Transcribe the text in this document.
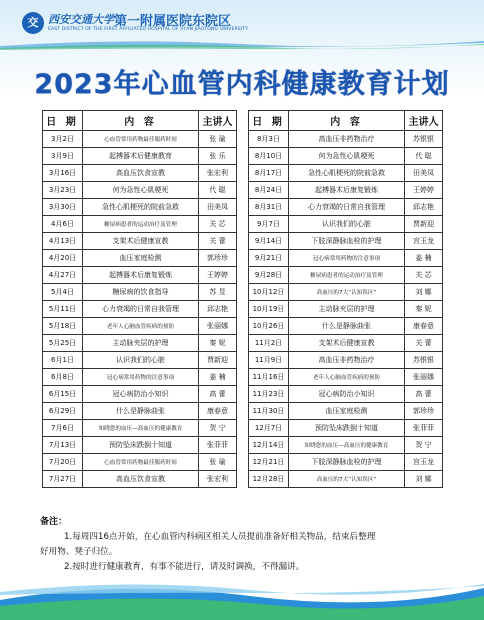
交 西安交通大学 第一附属医院东院区
EAST DISTRICT OF THE FIRST AFFILIATED HOSPITAL OF XI'AN JIAOTONG UNIVERSITY
2023年心血管内科健康教育计划
日 期	内 容	主讲人
3月2日	心血管常用药物最佳服药时间	张 瑜
3月9日	起搏器术后健康教育	张 乐
3月16日	高血压饮食宣教	张宏利
3月23日	何为急性心肌梗死	代 聪
3月30日	急性心肌梗死的院前急救	田美凤
4月6日	糖尿病患者的运动治疗及管理	关 芯
4月13日	支架术后健康宣教	关 蕾
4月20日	血压家庭检测	郭珍珍
4月27日	起搏器术后康复锻炼	王婷婷
5月4日	糖尿病的饮食指导	苏 昱
5月11日	心力衰竭的日常自我管理	邱志艳
5月18日	老年人心脑血管疾病的预防	张丽娜
5月25日	主动脉夹层的护理	秦 妮
6月1日	认识我们的心脏	贾新迎
6月8日	冠心病常用药物的注意事项	姜 楠
6月15日	冠心病防治小知识	高 蕾
6月29日	什么是静脉曲张	康春意
7月6日	知晓您的血压—高血压的健康教育	贺 宁
7月13日	预防坠床跌倒十知道	张菲菲
7月20日	心血管常用药物最佳服药时间	张 瑜
7月27日	高血压饮食宣教	张宏利
日 期	内 容	主讲人
8月3日	高血压非药物治疗	苏银银
8月10日	何为急性心肌梗死	代 聪
8月17日	急性心肌梗死的院前急救	田美凤
8月24日	起搏器术后康复锻炼	王婷婷
8月31日	心力衰竭的日常自我管理	邱志艳
9月7日	认识我们的心脏	贾新迎
9月14日	下肢深静脉血栓的护理	宫玉龙
9月21日	冠心病常用药物的注意事项	姜 楠
9月28日	糖尿病患者的运动治疗及管理	关 芯
10月12日	高血压的7大“认知误区”	刘 娜
10月19日	主动脉夹层的护理	秦 妮
10月26日	什么是静脉曲张	康春意
11月2日	支架术后健康宣教	关 蕾
11月9日	高血压非药物治疗	苏银银
11月16日	老年人心脑血管疾病的预防	张丽娜
11月23日	冠心病防治小知识	高 蕾
11月30日	血压家庭检测	郭珍珍
12月7日	预防坠床跌倒十知道	张菲菲
12月14日	知晓您的血压—高血压的健康教育	贺 宁
12月21日	下肢深静脉血栓的护理	宫玉龙
12月28日	高血压的7大“认知误区”	刘 娜
备注：
1.每周四16点开始，在心血管内科病区相关人员提前准备好相关物品，结束后整理
好用物、凳子归位。
2.按时进行健康教育，有事不能进行，请及时调换，不得漏讲。
